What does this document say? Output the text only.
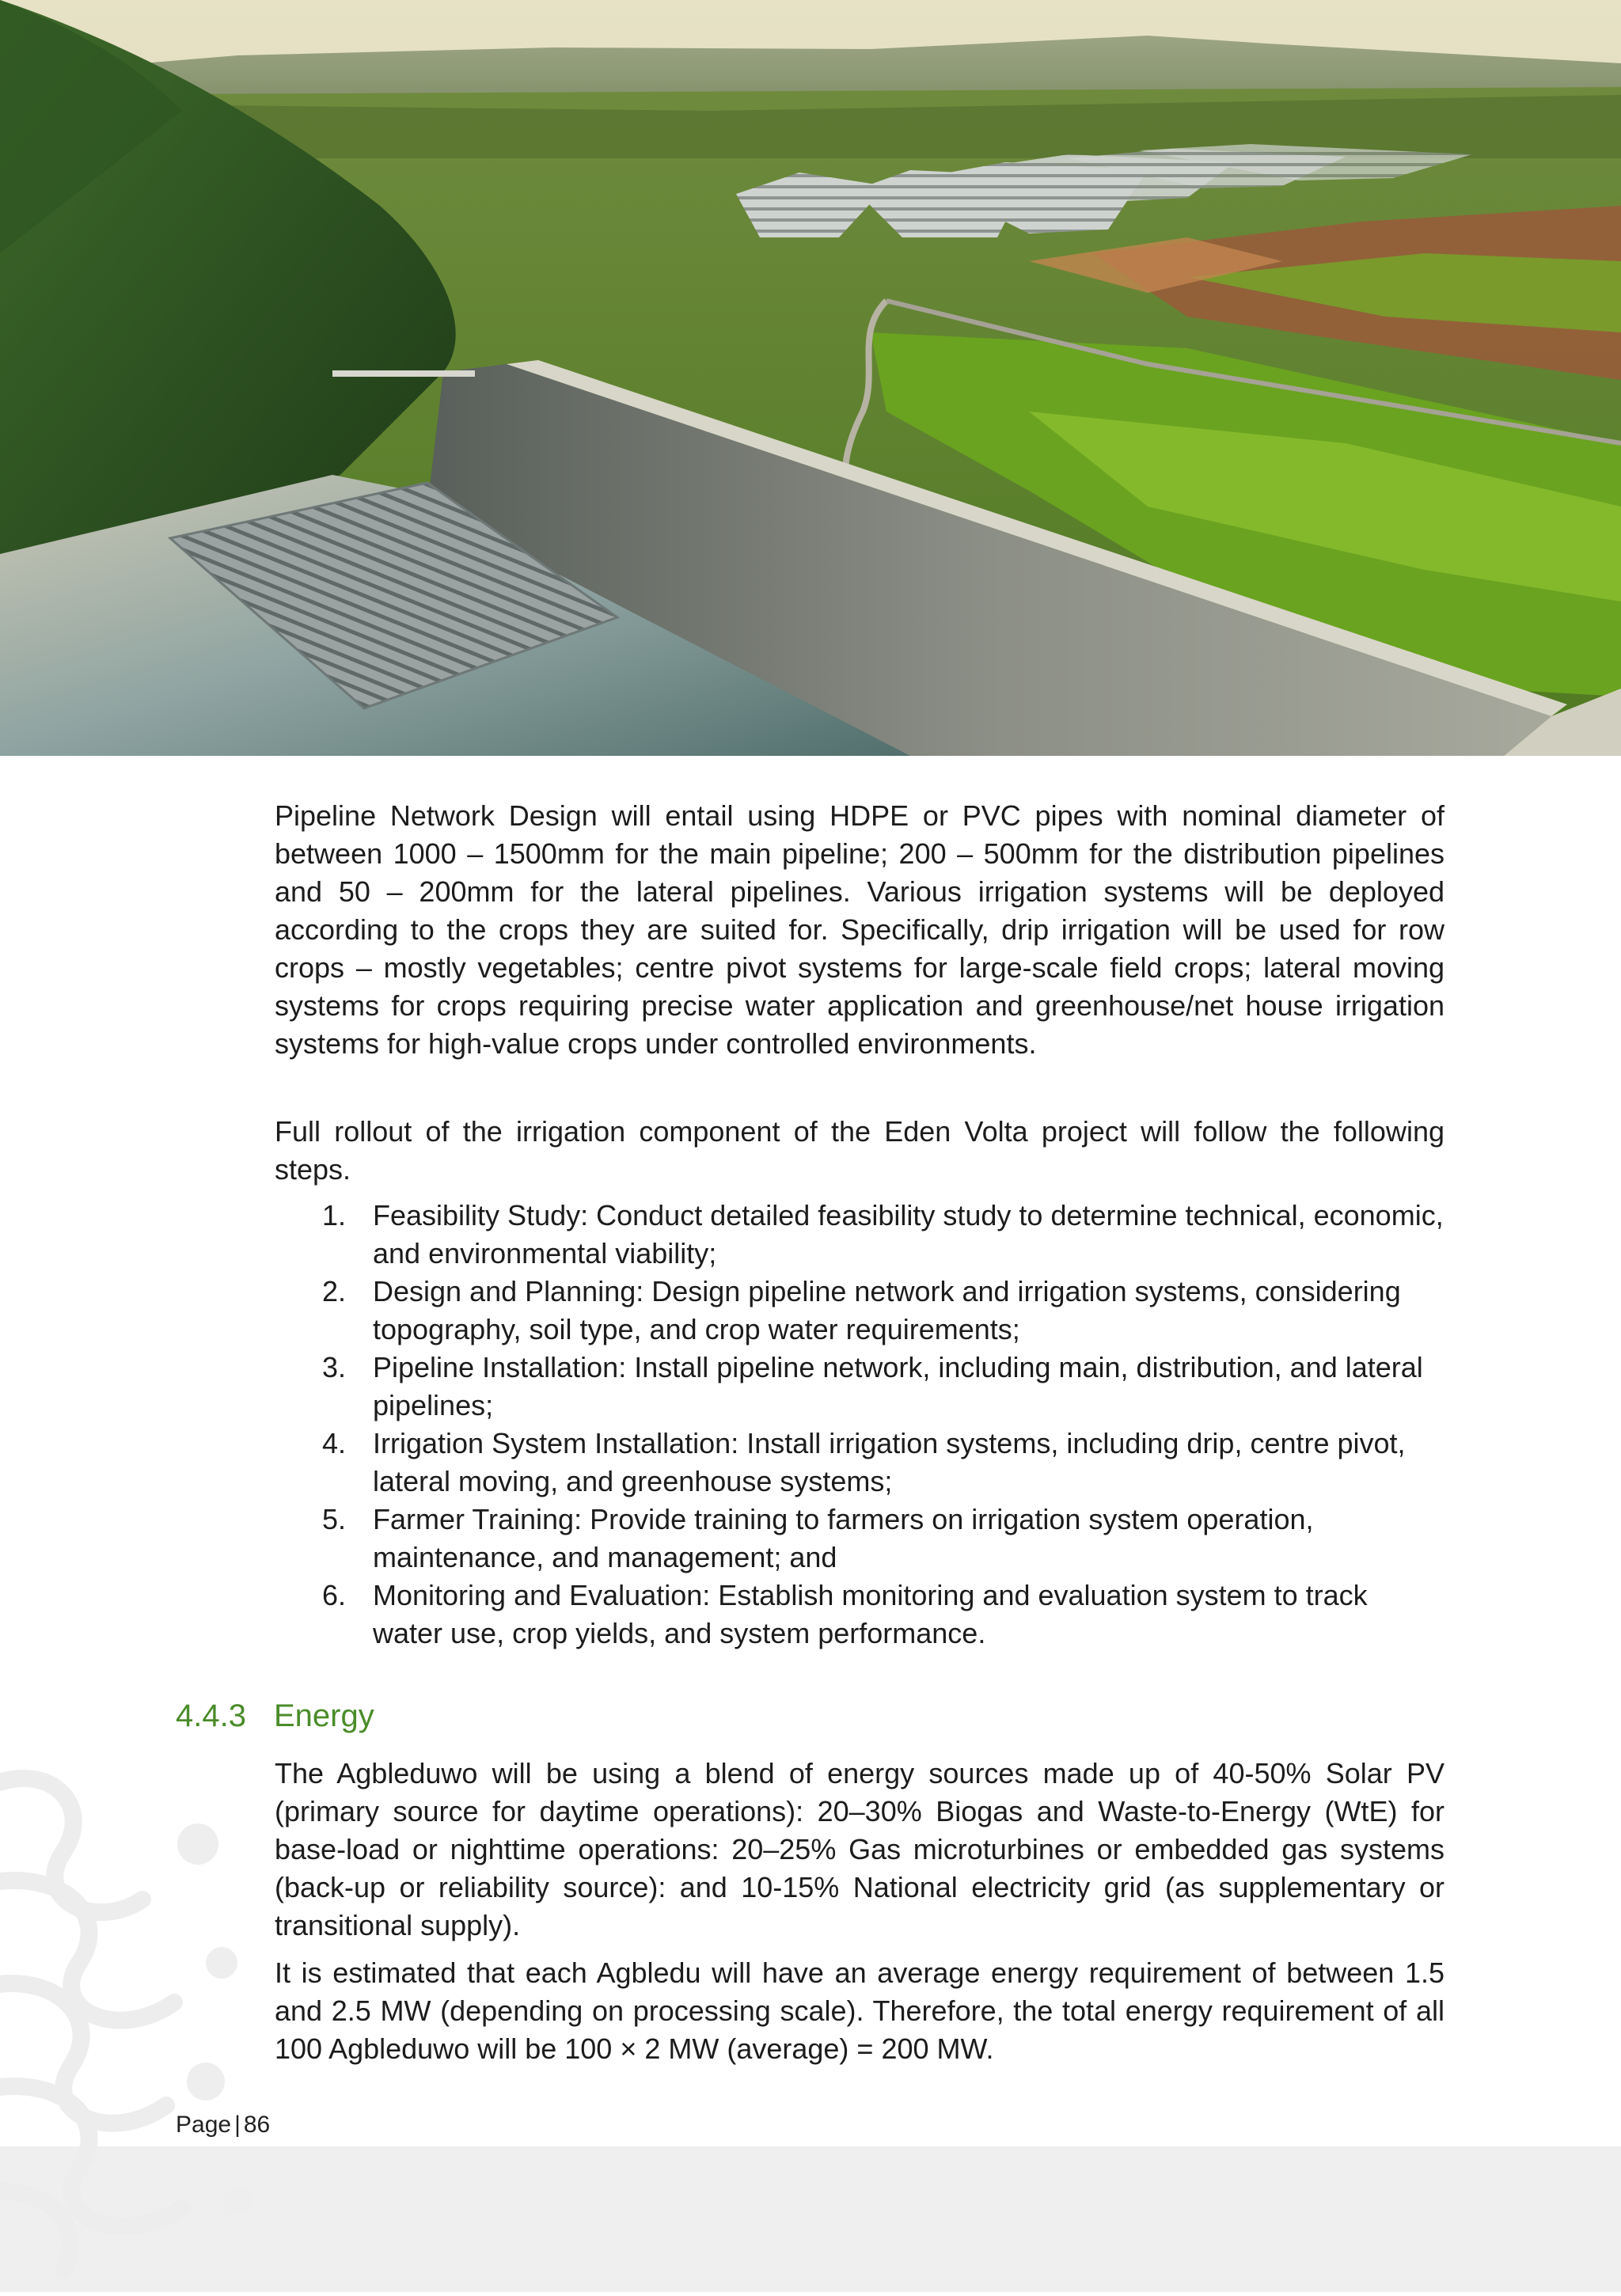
Pipeline Network Design will entail using HDPE or PVC pipes with nominal diameter of between 1000 – 1500mm for the main pipeline; 200 – 500mm for the distribution pipelines and 50 – 200mm for the lateral pipelines. Various irrigation systems will be deployed according to the crops they are suited for. Specifically, drip irrigation will be used for row crops – mostly vegetables; centre pivot systems for large-scale field crops; lateral moving systems for crops requiring precise water application and greenhouse/net house irrigation systems for high-value crops under controlled environments.

Full rollout of the irrigation component of the Eden Volta project will follow the following steps.

1. Feasibility Study: Conduct detailed feasibility study to determine technical, economic, and environmental viability;
2. Design and Planning: Design pipeline network and irrigation systems, considering topography, soil type, and crop water requirements;
3. Pipeline Installation: Install pipeline network, including main, distribution, and lateral pipelines;
4. Irrigation System Installation: Install irrigation systems, including drip, centre pivot, lateral moving, and greenhouse systems;
5. Farmer Training: Provide training to farmers on irrigation system operation, maintenance, and management; and
6. Monitoring and Evaluation: Establish monitoring and evaluation system to track water use, crop yields, and system performance.
4.4.3 Energy

The Agbleduwo will be using a blend of energy sources made up of 40-50% Solar PV (primary source for daytime operations): 20–30% Biogas and Waste-to-Energy (WtE) for base-load or nighttime operations: 20–25% Gas microturbines or embedded gas systems (back-up or reliability source): and 10-15% National electricity grid (as supplementary or transitional supply).

It is estimated that each Agbledu will have an average energy requirement of between 1.5 and 2.5 MW (depending on processing scale). Therefore, the total energy requirement of all 100 Agbleduwo will be 100 × 2 MW (average) = 200 MW.

Page | 86
